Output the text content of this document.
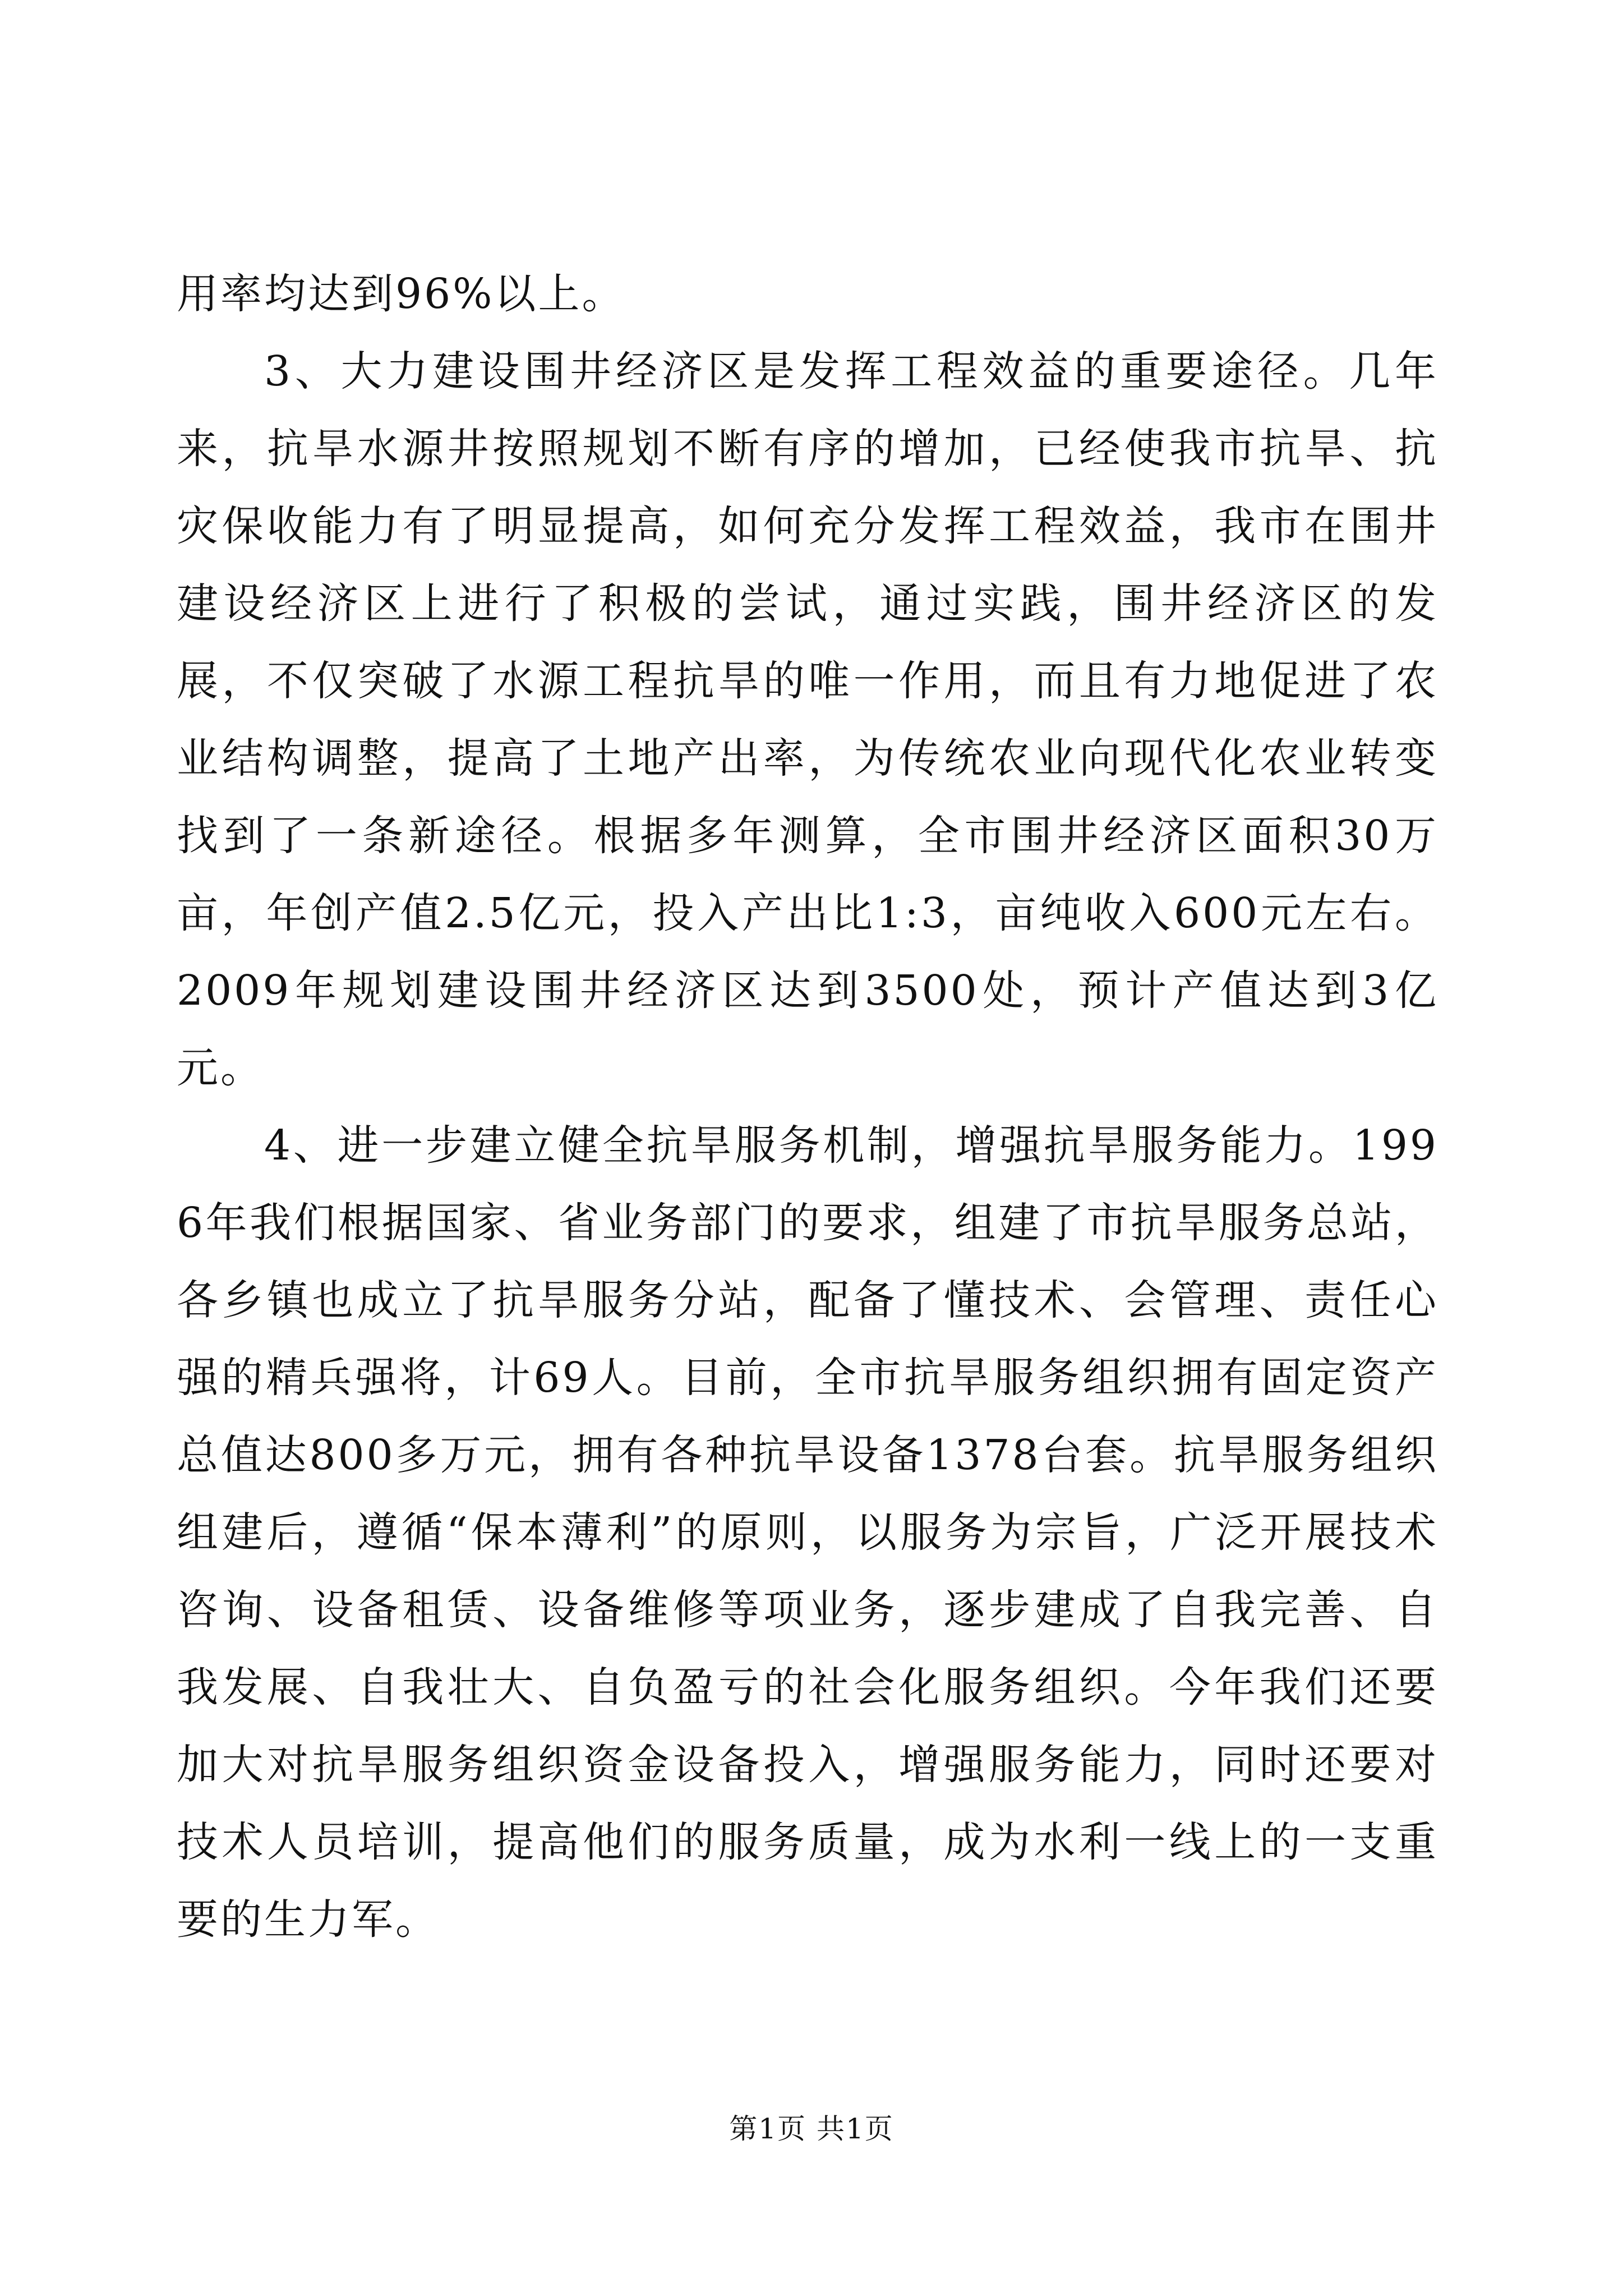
用率均达到96%以上。

3、大力建设围井经济区是发挥工程效益的重要途径。几年来，抗旱水源井按照规划不断有序的增加，已经使我市抗旱、抗灾保收能力有了明显提高，如何充分发挥工程效益，我市在围井建设经济区上进行了积极的尝试，通过实践，围井经济区的发展，不仅突破了水源工程抗旱的唯一作用，而且有力地促进了农业结构调整，提高了土地产出率，为传统农业向现代化农业转变找到了一条新途径。根据多年测算，全市围井经济区面积30万亩，年创产值2.5亿元，投入产出比1:3，亩纯收入600元左右。2009年规划建设围井经济区达到3500处，预计产值达到3亿元。

4、进一步建立健全抗旱服务机制，增强抗旱服务能力。1996年我们根据国家、省业务部门的要求，组建了市抗旱服务总站，各乡镇也成立了抗旱服务分站，配备了懂技术、会管理、责任心强的精兵强将，计69人。目前，全市抗旱服务组织拥有固定资产总值达800多万元，拥有各种抗旱设备1378台套。抗旱服务组织组建后，遵循“保本薄利”的原则，以服务为宗旨，广泛开展技术咨询、设备租赁、设备维修等项业务，逐步建成了自我完善、自我发展、自我壮大、自负盈亏的社会化服务组织。今年我们还要加大对抗旱服务组织资金设备投入，增强服务能力，同时还要对技术人员培训，提高他们的服务质量，成为水利一线上的一支重要的生力军。

第1页 共1页
